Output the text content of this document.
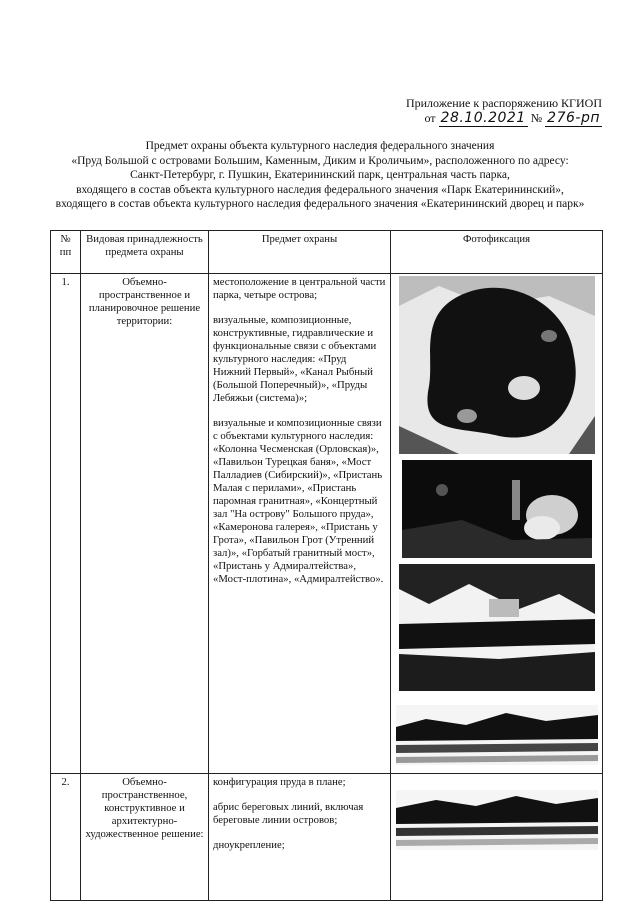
Приложение к распоряжению КГИОП
от 28.10.2021 № 276-рп
Предмет охраны объекта культурного наследия федерального значения
«Пруд Большой с островами Большим, Каменным, Диким и Кроличьим», расположенного по адресу:
Санкт-Петербург, г. Пушкин, Екатерининский парк, центральная часть парка,
входящего в состав объекта культурного наследия федерального значения «Парк Екатерининский»,
входящего в состав объекта культурного наследия федерального значения «Екатерининский дворец и парк»
№ пп	Видовая принадлежность предмета охраны	Предмет охраны	Фотофиксация
1.	Объемно-пространственное и планировочное решение территории:	местоположение в центральной части парка, четыре острова;

визуальные, композиционные, конструктивные, гидравлические и функциональные связи с объектами культурного наследия: «Пруд Нижний Первый», «Канал Рыбный (Большой Поперечный)», «Пруды Лебяжьи (система)»;

визуальные и композиционные связи с объектами культурного наследия: «Колонна Чесменская (Орловская)», «Павильон Турецкая баня», «Мост Палладиев (Сибирский)», «Пристань Малая с перилами», «Пристань паромная гранитная», «Концертный зал "На острову" Большого пруда», «Камеронова галерея», «Пристань у Грота», «Павильон Грот (Утренний зал)», «Горбатый гранитный мост», «Пристань у Адмиралтейства», «Мост-плотина», «Адмиралтейство».

2.	Объемно-пространственное, конструктивное и архитектурно-художественное решение:	конфигурация пруда в плане;

абрис береговых линий, включая береговые линии островов;

дноукрепление;
